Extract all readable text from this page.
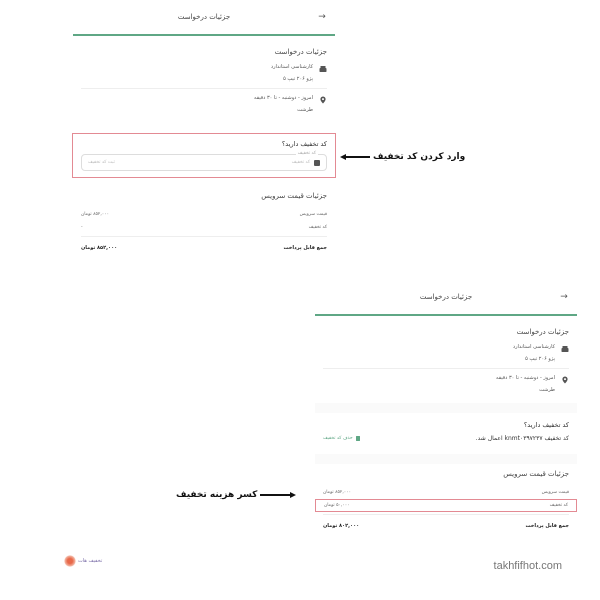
→
جزئیات درخواست
جزئیات درخواست
کارشناسی استاندارد
پژو ۲۰۶ تیپ ۵
امروز - دوشنبه - تا ۳۰ دقیقه
طرشت
کد تخفیف دارید؟
کد تخفیف
کد تخفیف
ثبت کد تخفیف
جزئیات قیمت سرویس
قیمت سرویس
۸۵۲,۰۰۰ تومان
کد تخفیف
-
جمع قابل پرداخت
۸۵۲,۰۰۰ تومان
وارد کردن کد تخفیف
→
جزئیات درخواست
جزئیات درخواست
کارشناسی استاندارد
پژو ۲۰۶ تیپ ۵
امروز - دوشنبه - تا ۳۰ دقیقه
طرشت
کد تخفیف دارید؟
کد تخفیف knmt۰۳۹۷۲۳۷ اعمال شد.
حذف کد تخفیف
جزئیات قیمت سرویس
قیمت سرویس
۸۵۲,۰۰۰ تومان
کد تخفیف
۵۰,۰۰۰ تومان
جمع قابل پرداخت
۸۰۲,۰۰۰ تومان
کسر هزینه تخفیف
تخفیف هات	takhfifhot.com
